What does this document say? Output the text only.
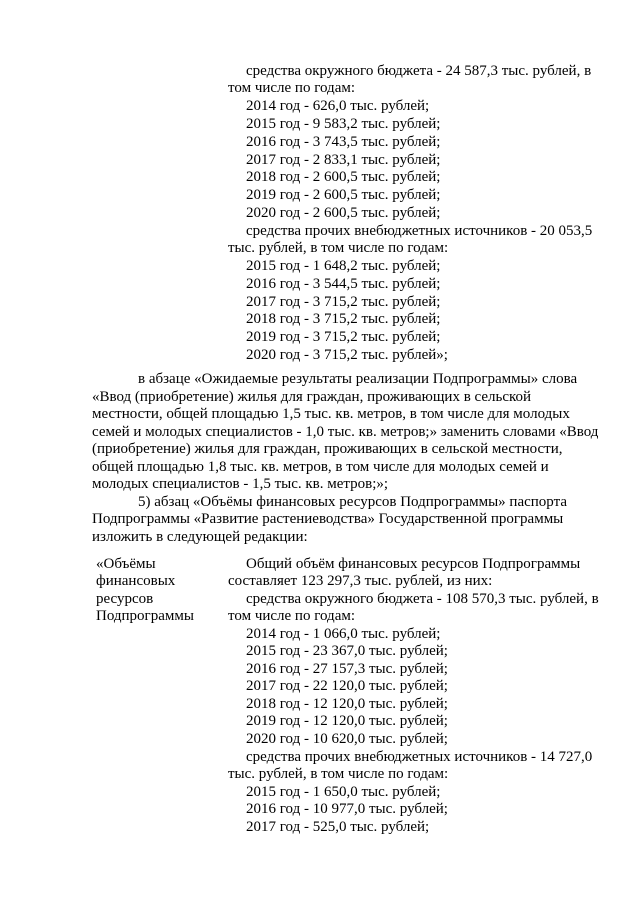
средства окружного бюджета - 24 587,3 тыс. рублей, в
том числе по годам:
2014 год - 626,0 тыс. рублей;
2015 год - 9 583,2 тыс. рублей;
2016 год - 3 743,5 тыс. рублей;
2017 год - 2 833,1 тыс. рублей;
2018 год - 2 600,5 тыс. рублей;
2019 год - 2 600,5 тыс. рублей;
2020 год - 2 600,5 тыс. рублей;
средства прочих внебюджетных источников - 20 053,5
тыс. рублей, в том числе по годам:
2015 год - 1 648,2 тыс. рублей;
2016 год - 3 544,5 тыс. рублей;
2017 год - 3 715,2 тыс. рублей;
2018 год - 3 715,2 тыс. рублей;
2019 год - 3 715,2 тыс. рублей;
2020 год - 3 715,2 тыс. рублей»;
в абзаце «Ожидаемые результаты реализации Подпрограммы» слова
«Ввод (приобретение) жилья для граждан, проживающих в сельской
местности, общей площадью 1,5 тыс. кв. метров, в том числе для молодых
семей и молодых специалистов - 1,0 тыс. кв. метров;» заменить словами «Ввод
(приобретение) жилья для граждан, проживающих в сельской местности,
общей площадью 1,8 тыс. кв. метров, в том числе для молодых семей и
молодых специалистов - 1,5 тыс. кв. метров;»;
5) абзац «Объёмы финансовых ресурсов Подпрограммы» паспорта
Подпрограммы «Развитие растениеводства» Государственной программы
изложить в следующей редакции:
«Объёмы
финансовых
ресурсов
Подпрограммы
Общий объём финансовых ресурсов Подпрограммы
составляет 123 297,3 тыс. рублей, из них:
средства окружного бюджета - 108 570,3 тыс. рублей, в
том числе по годам:
2014 год - 1 066,0 тыс. рублей;
2015 год - 23 367,0 тыс. рублей;
2016 год - 27 157,3 тыс. рублей;
2017 год - 22 120,0 тыс. рублей;
2018 год - 12 120,0 тыс. рублей;
2019 год - 12 120,0 тыс. рублей;
2020 год - 10 620,0 тыс. рублей;
средства прочих внебюджетных источников - 14 727,0
тыс. рублей, в том числе по годам:
2015 год - 1 650,0 тыс. рублей;
2016 год - 10 977,0 тыс. рублей;
2017 год - 525,0 тыс. рублей;
